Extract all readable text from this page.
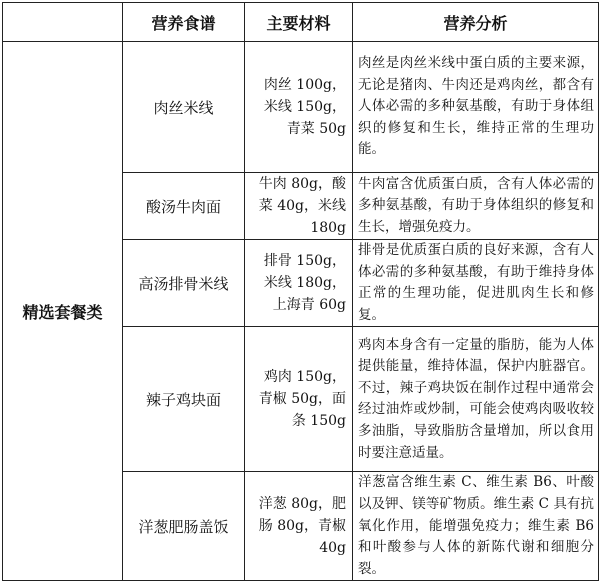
	营养食谱	主要材料	营养分析
精选套餐类	肉丝米线	肉丝 100g，米线 150g，青菜 50g	肉丝是肉丝米线中蛋白质的主要来源，无论是猪肉、牛肉还是鸡肉丝，都含有人体必需的多种氨基酸，有助于身体组织的修复和生长，维持正常的生理功能。
	酸汤牛肉面	牛肉 80g，酸菜 40g，米线 180g	牛肉富含优质蛋白质，含有人体必需的多种氨基酸，有助于身体组织的修复和生长，增强免疫力。
	高汤排骨米线	排骨 150g，米线 180g，上海青 60g	排骨是优质蛋白质的良好来源，含有人体必需的多种氨基酸，有助于维持身体正常的生理功能，促进肌肉生长和修复。
	辣子鸡块面	鸡肉 150g，青椒 50g，面条 150g	鸡肉本身含有一定量的脂肪，能为人体提供能量，维持体温，保护内脏器官。不过，辣子鸡块饭在制作过程中通常会经过油炸或炒制，可能会使鸡肉吸收较多油脂，导致脂肪含量增加，所以食用时要注意适量。
	洋葱肥肠盖饭	洋葱 80g，肥肠 80g，青椒 40g	洋葱富含维生素 C、维生素 B6、叶酸以及钾、镁等矿物质。维生素 C 具有抗氧化作用，能增强免疫力；维生素 B6 和叶酸参与人体的新陈代谢和细胞分裂。
